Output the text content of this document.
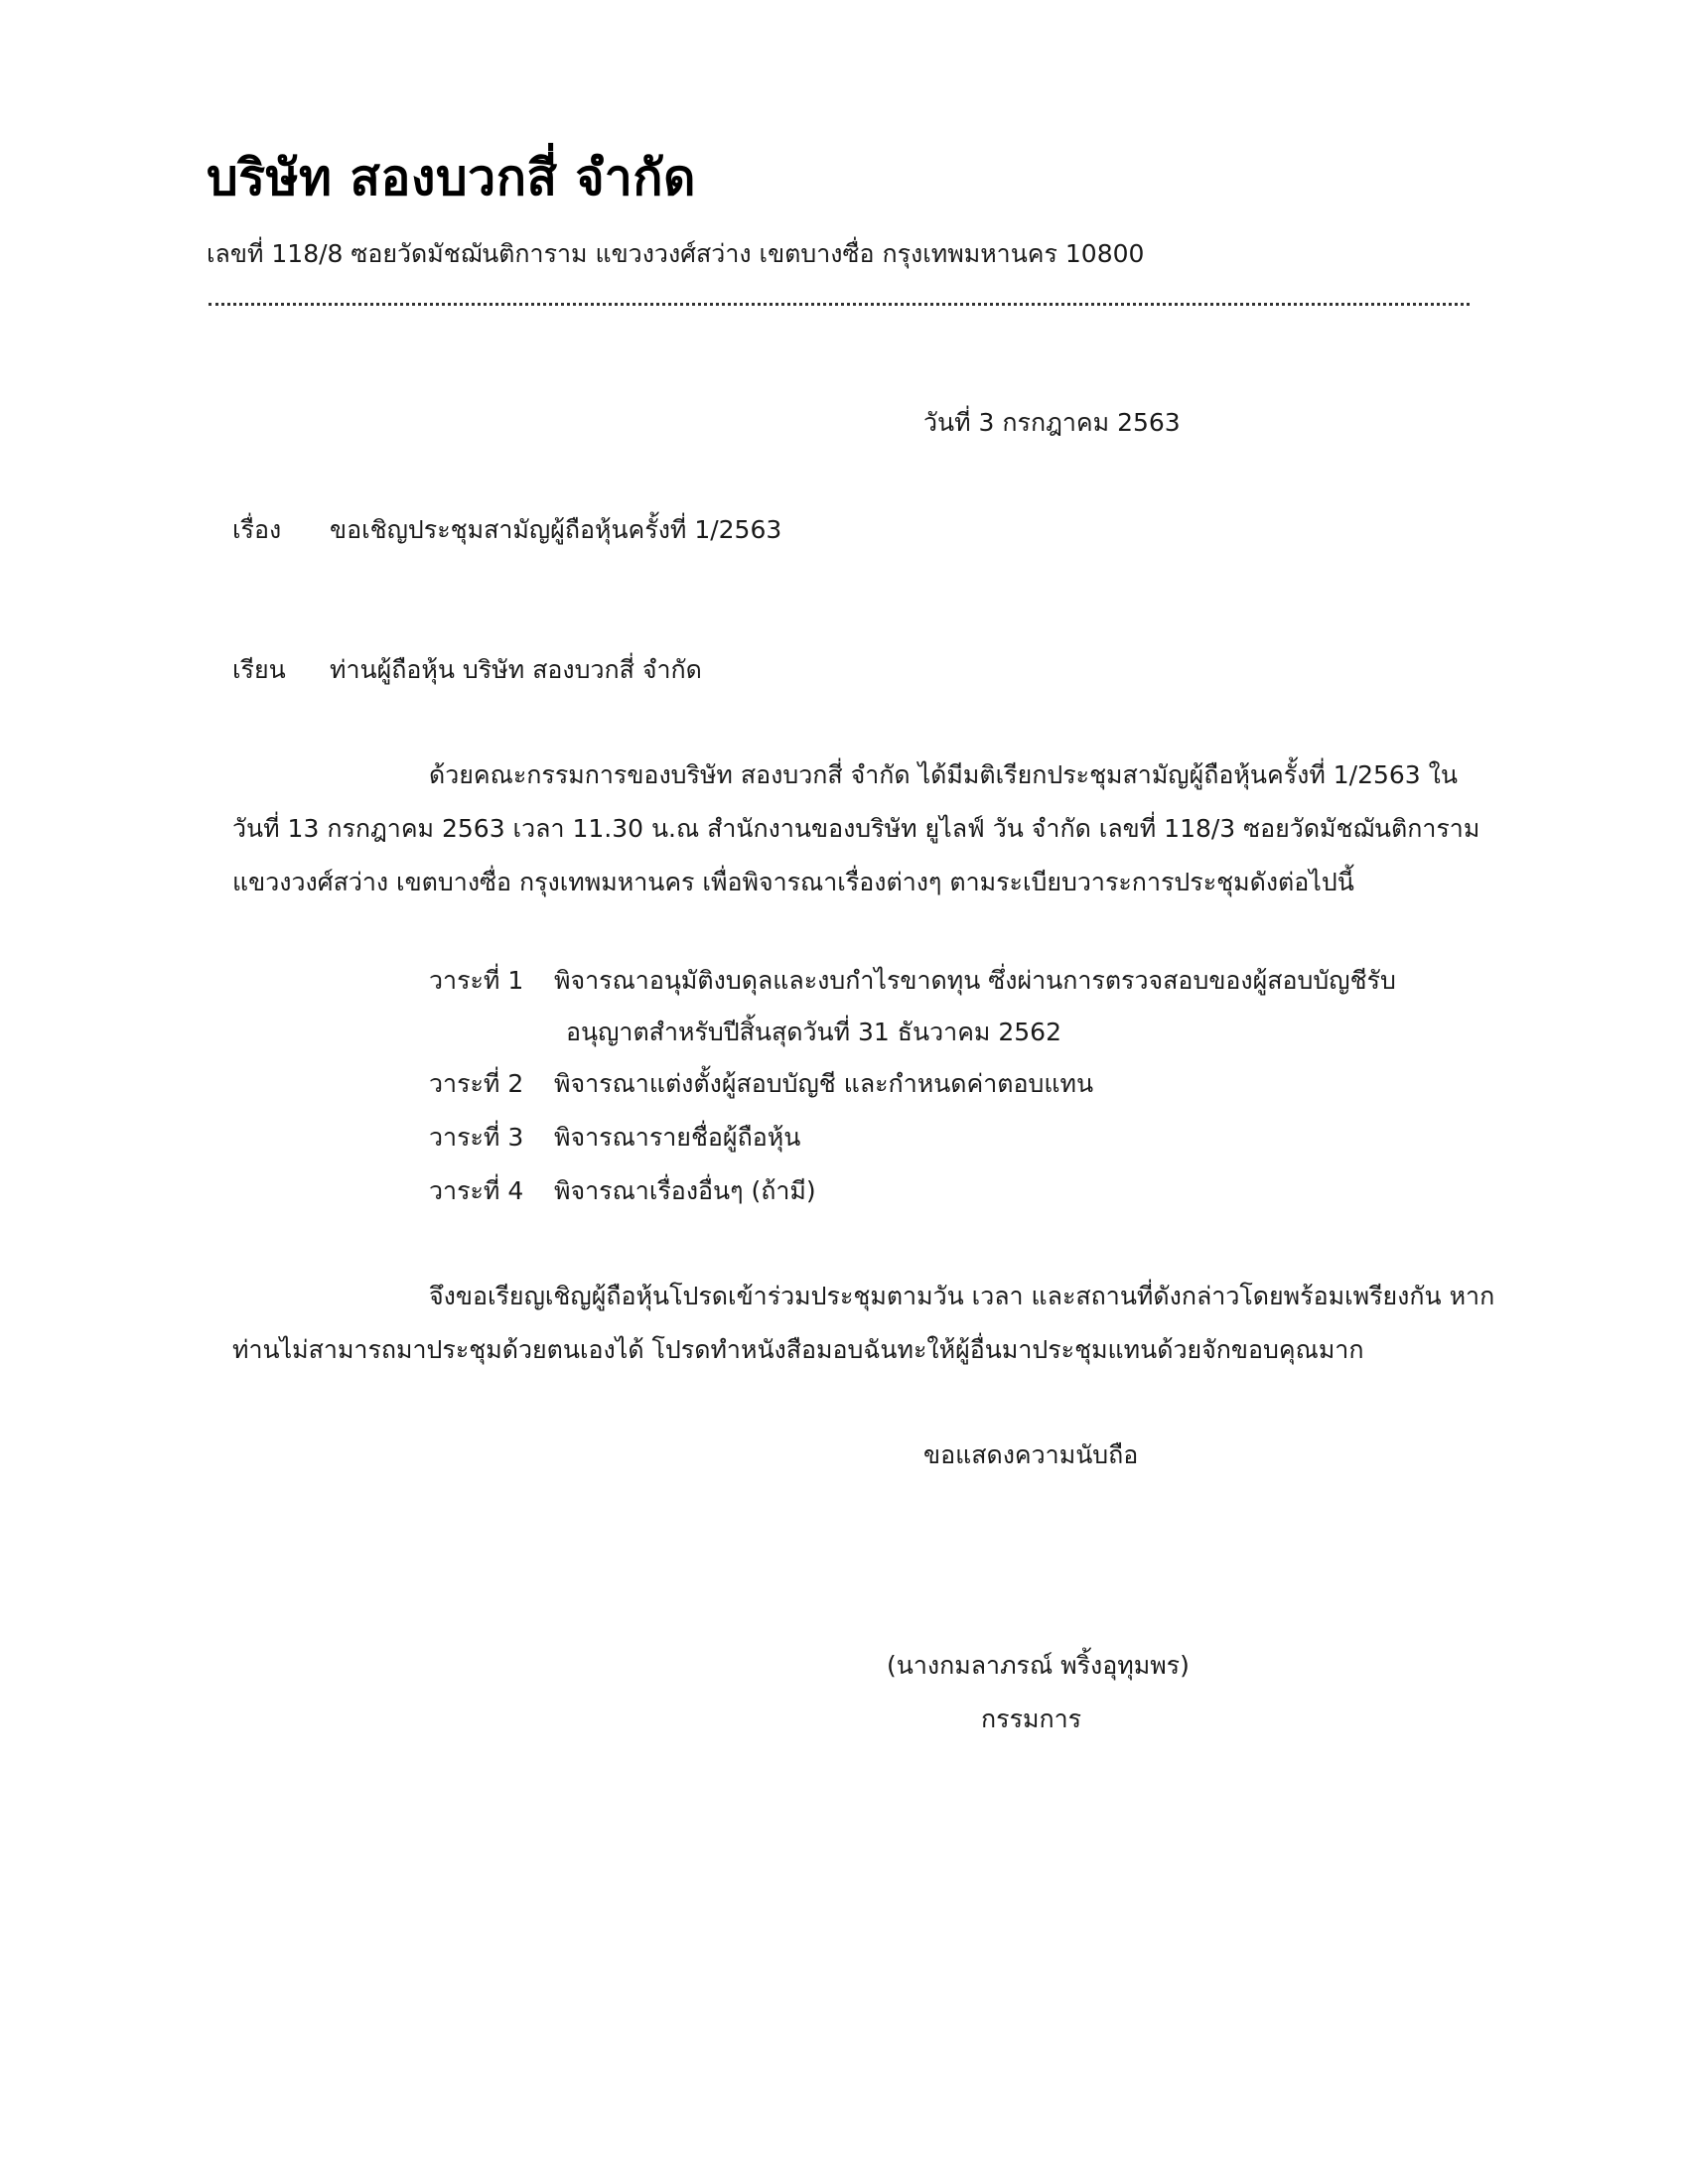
บริษัท สองบวกสี่ จำกัด
เลขที่ 118/8 ซอยวัดมัชฌันติการาม แขวงวงศ์สว่าง เขตบางซื่อ กรุงเทพมหานคร 10800
วันที่ 3 กรกฎาคม 2563
เรื่อง ขอเชิญประชุมสามัญผู้ถือหุ้นครั้งที่ 1/2563
เรียน ท่านผู้ถือหุ้น บริษัท สองบวกสี่ จำกัด
ด้วยคณะกรรมการของบริษัท สองบวกสี่ จำกัด ได้มีมติเรียกประชุมสามัญผู้ถือหุ้นครั้งที่ 1/2563 ใน
วันที่ 13 กรกฎาคม 2563 เวลา 11.30 น.ณ สำนักงานของบริษัท ยูไลฟ์ วัน จำกัด เลขที่ 118/3 ซอยวัดมัชฌันติการาม
แขวงวงศ์สว่าง เขตบางซื่อ กรุงเทพมหานคร เพื่อพิจารณาเรื่องต่างๆ ตามระเบียบวาระการประชุมดังต่อไปนี้
วาระที่ 1 พิจารณาอนุมัติงบดุลและงบกำไรขาดทุน ซึ่งผ่านการตรวจสอบของผู้สอบบัญชีรับ
อนุญาตสำหรับปีสิ้นสุดวันที่ 31 ธันวาคม 2562
วาระที่ 2 พิจารณาแต่งตั้งผู้สอบบัญชี และกำหนดค่าตอบแทน
วาระที่ 3 พิจารณารายชื่อผู้ถือหุ้น
วาระที่ 4 พิจารณาเรื่องอื่นๆ (ถ้ามี)
จึงขอเรียญเชิญผู้ถือหุ้นโปรดเข้าร่วมประชุมตามวัน เวลา และสถานที่ดังกล่าวโดยพร้อมเพรียงกัน หาก
ท่านไม่สามารถมาประชุมด้วยตนเองได้ โปรดทำหนังสือมอบฉันทะให้ผู้อื่นมาประชุมแทนด้วยจักขอบคุณมาก
ขอแสดงความนับถือ
(นางกมลาภรณ์ พริ้งอุทุมพร)
กรรมการ
